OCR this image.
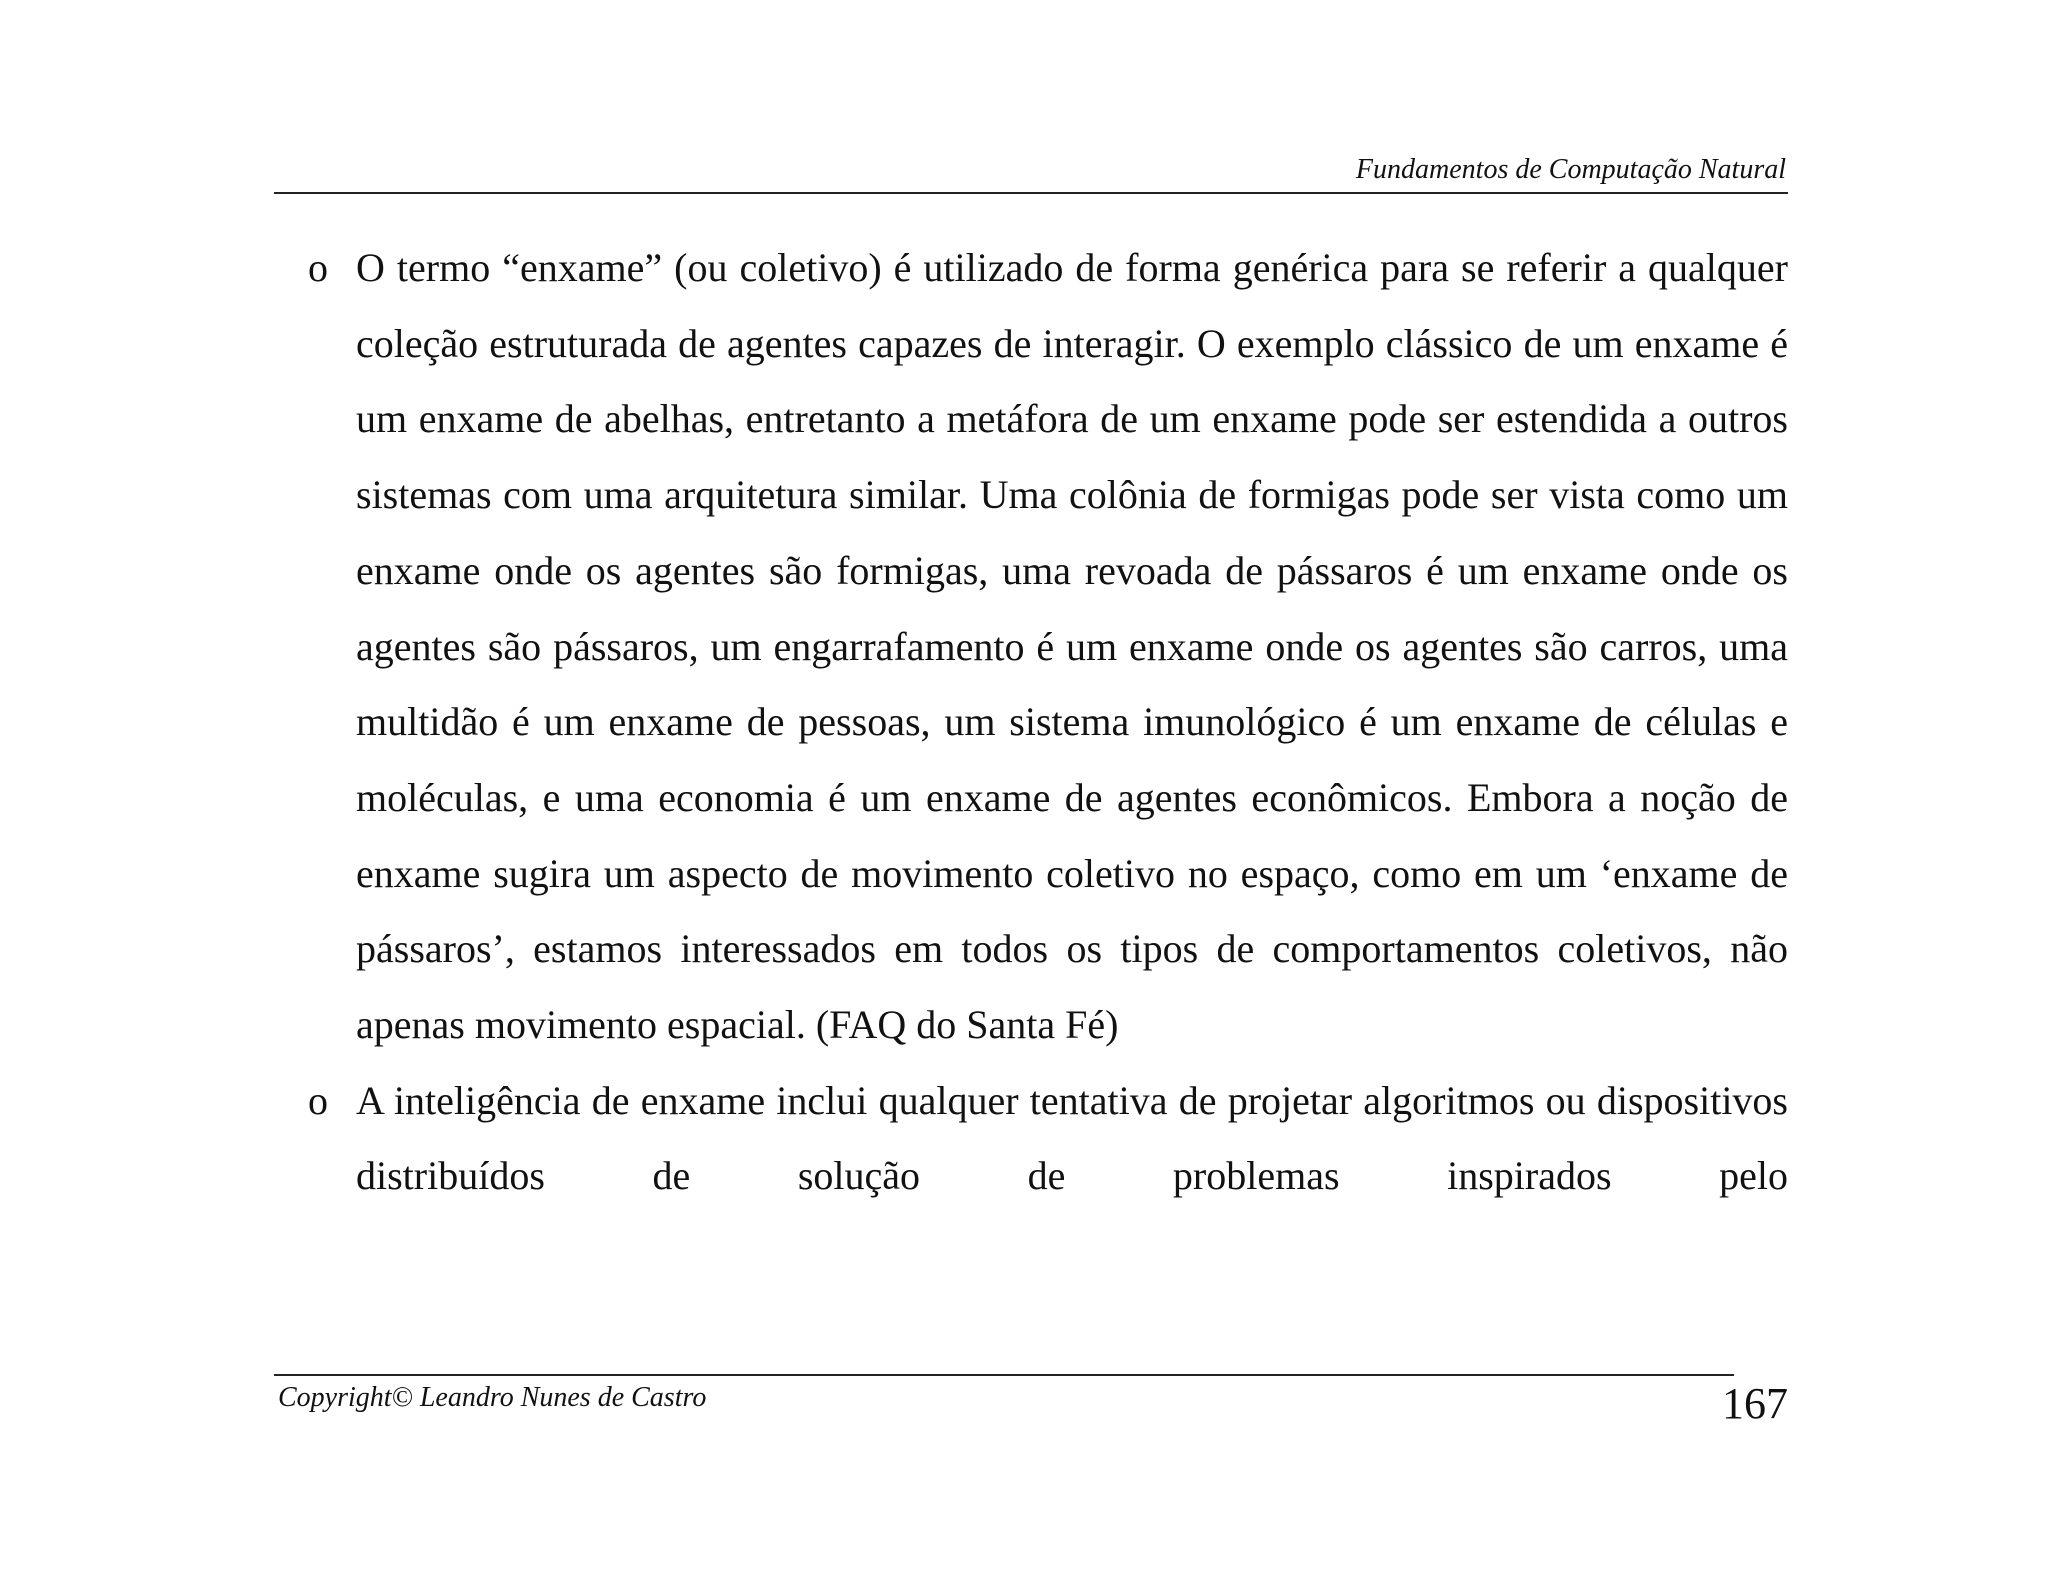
Fundamentos de Computação Natural
o O termo “enxame” (ou coletivo) é utilizado de forma genérica para se referir a qualquer coleção estruturada de agentes capazes de interagir. O exemplo clássico de um enxame é um enxame de abelhas, entretanto a metáfora de um enxame pode ser estendida a outros sistemas com uma arquitetura similar. Uma colônia de formigas pode ser vista como um enxame onde os agentes são formigas, uma revoada de pássaros é um enxame onde os agentes são pássaros, um engarrafamento é um enxame onde os agentes são carros, uma multidão é um enxame de pessoas, um sistema imunológico é um enxame de células e moléculas, e uma economia é um enxame de agentes econômicos. Embora a noção de enxame sugira um aspecto de movimento coletivo no espaço, como em um ‘enxame de pássaros’, estamos interessados em todos os tipos de comportamentos coletivos, não apenas movimento espacial. (FAQ do Santa Fé)
o A inteligência de enxame inclui qualquer tentativa de projetar algoritmos ou dispositivos distribuídos de solução de problemas inspirados pelo
Copyright© Leandro Nunes de Castro	167
